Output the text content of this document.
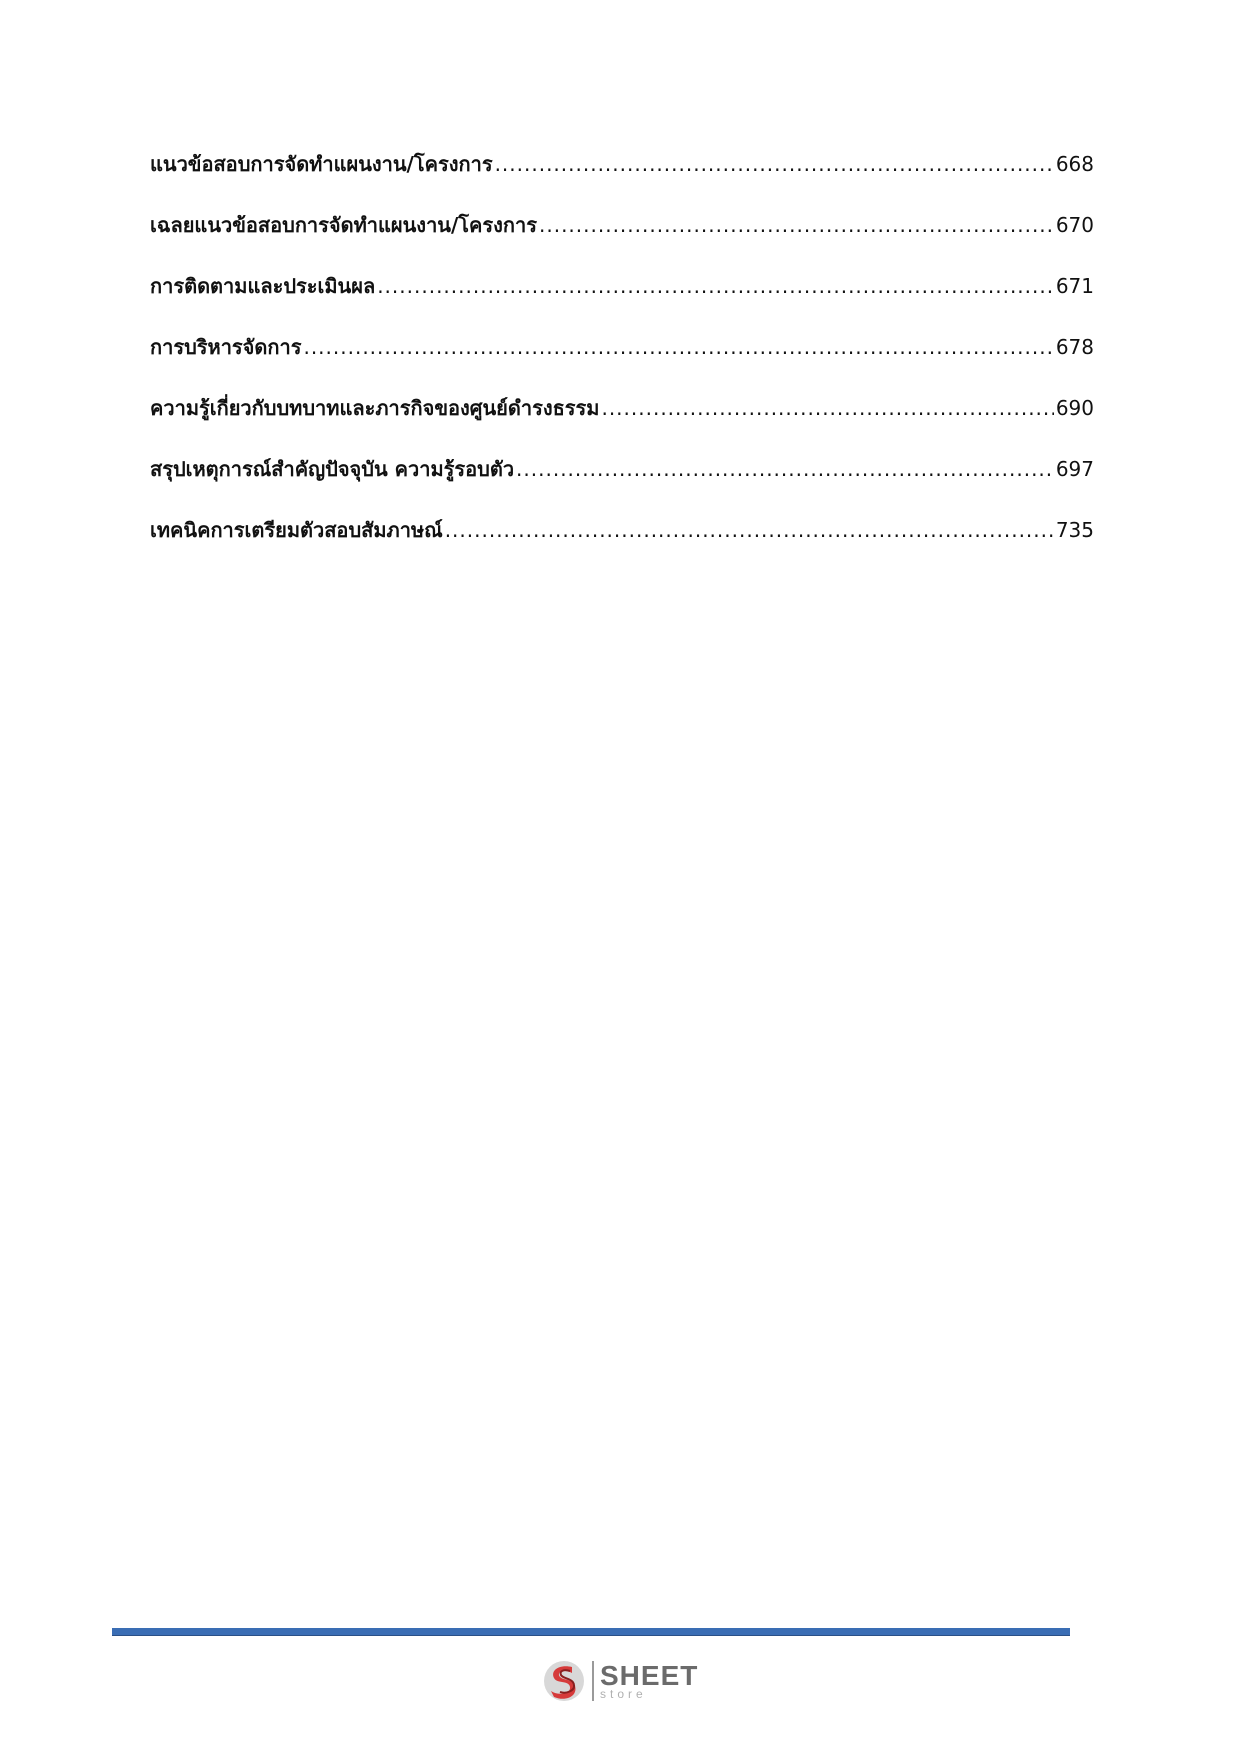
แนวข้อสอบการจัดทำแผนงาน/โครงการ .....	668
เฉลยแนวข้อสอบการจัดทำแผนงาน/โครงการ .....	670
การติดตามและประเมินผล .....	671
การบริหารจัดการ .....	678
ความรู้เกี่ยวกับบทบาทและภารกิจของศูนย์ดำรงธรรม .....	690
สรุปเหตุการณ์สำคัญปัจจุบัน ความรู้รอบตัว .....	697
เทคนิคการเตรียมตัวสอบสัมภาษณ์ .....	735
SHEET
store
